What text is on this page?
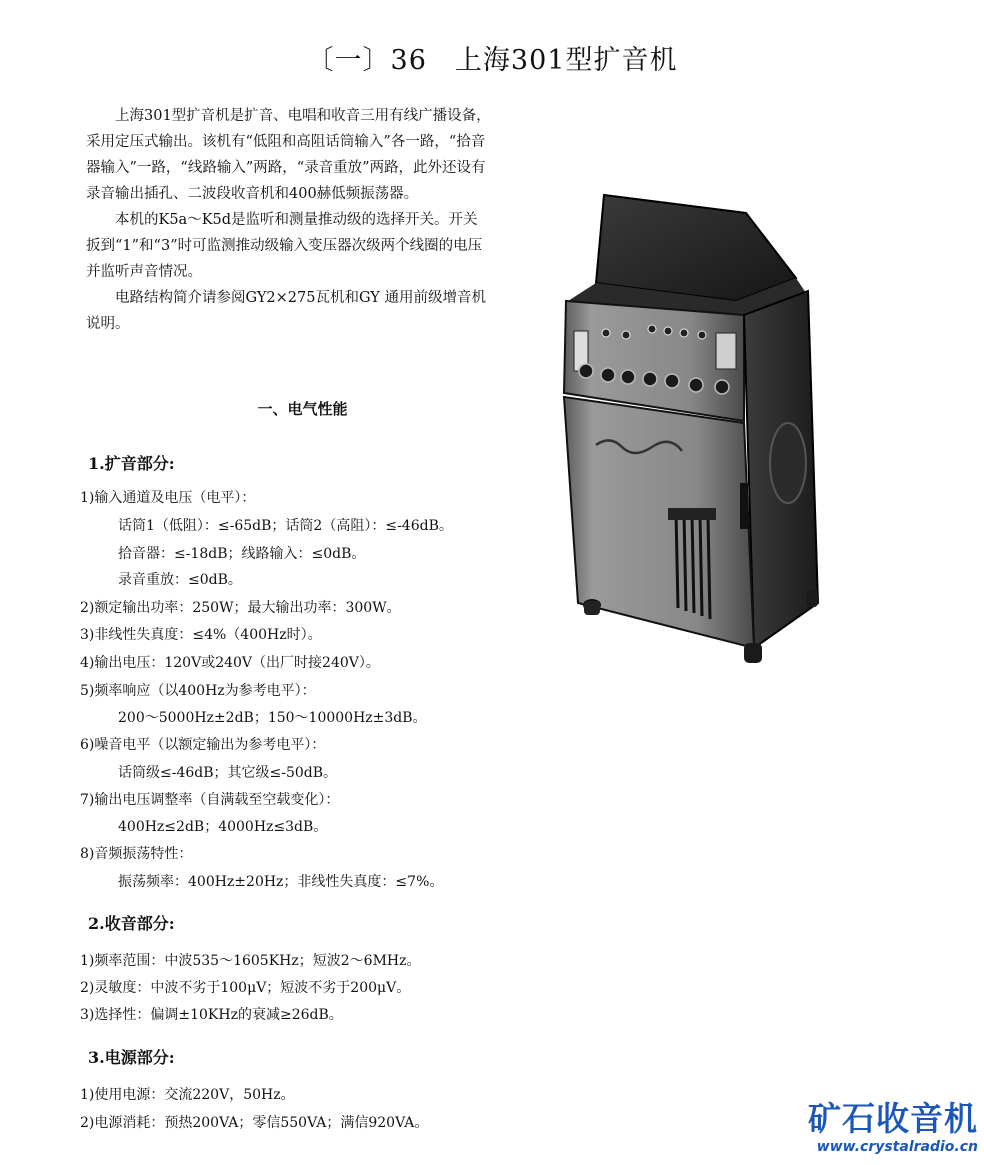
〔一〕36　上海301型扩音机

上海301型扩音机是扩音、电唱和收音三用有线广播设备，采用定压式输出。该机有“低阻和高阻话筒输入”各一路，“拾音器输入”一路，“线路输入”两路，“录音重放”两路，此外还设有录音输出插孔、二波段收音机和400赫低频振荡器。

本机的K5a～K5d是监听和测量推动级的选择开关。开关扳到“1”和“3”时可监测推动级输入变压器次级两个线圈的电压并监听声音情况。

电路结构简介请参阅GY2×275瓦机和GY 通用前级增音机说明。

一、电气性能
1.扩音部分:
1)输入通道及电压（电平）：
话筒1（低阻）：≤-65dB；话筒2（高阻）：≤-46dB。
拾音器：≤-18dB；线路输入：≤0dB。
录音重放：≤0dB。
2)额定输出功率：250W；最大输出功率：300W。
3)非线性失真度：≤4%（400Hz时）。
4)输出电压：120V或240V（出厂时接240V）。
5)频率响应（以400Hz为参考电平）：
200～5000Hz±2dB；150～10000Hz±3dB。
6)噪音电平（以额定输出为参考电平）：
话筒级≤-46dB；其它级≤-50dB。
7)输出电压调整率（自满载至空载变化）：
400Hz≤2dB；4000Hz≤3dB。
8)音频振荡特性：
振荡频率：400Hz±20Hz；非线性失真度：≤7%。
2.收音部分:
1)频率范围：中波535～1605KHz；短波2～6MHz。
2)灵敏度：中波不劣于100μV；短波不劣于200μV。
3)选择性：偏调±10KHz的衰减≥26dB。
3.电源部分:
1)使用电源：交流220V，50Hz。
2)电源消耗：预热200VA；零信550VA；满信920VA。	矿石收音机
www.crystalradio.cn
